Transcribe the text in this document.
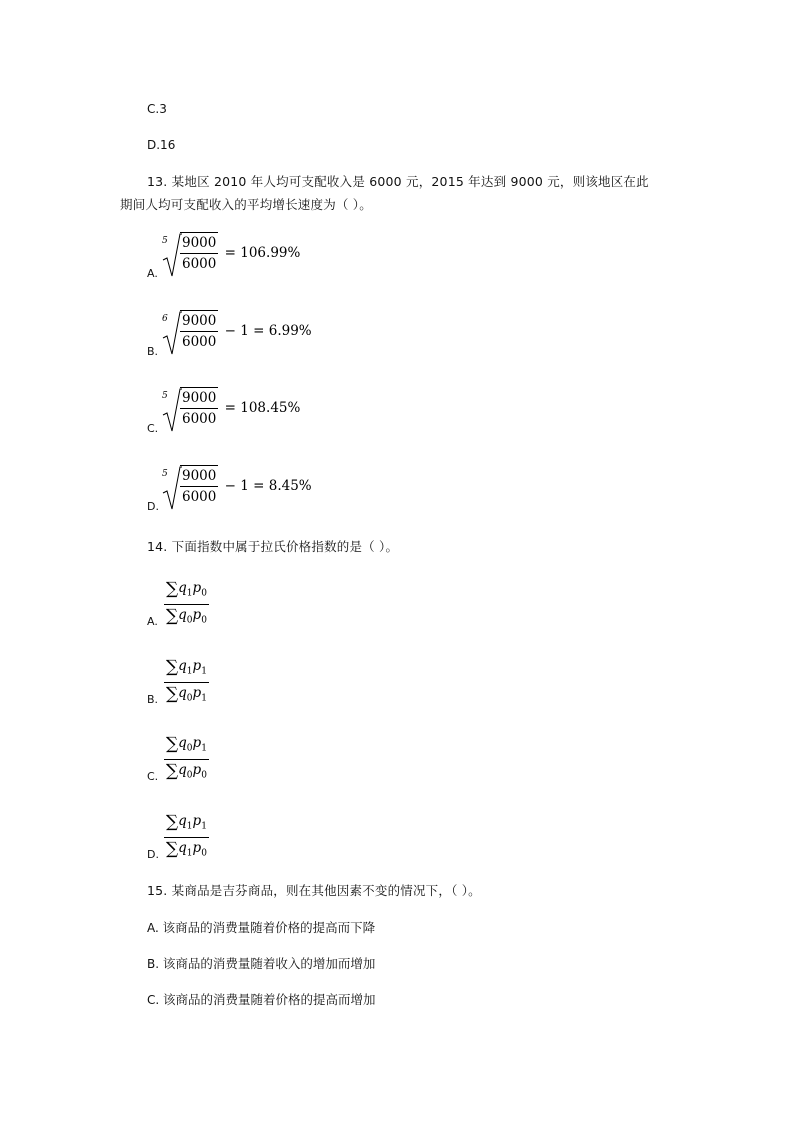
C.3
D.16
13. 某地区 2010 年人均可支配收入是 6000 元，2015 年达到 9000 元，则该地区在此
期间人均可支配收入的平均增长速度为（ ）。
A.
$5 \frac{9000}{6000} = 106.99\%$
B.
$6 \frac{9000}{6000} - 1 = 6.99\%$
C.
$5 \frac{9000}{6000} = 108.45\%$
D.
$5 \frac{9000}{6000} - 1 = 8.45\%$
14. 下面指数中属于拉氏价格指数的是（ ）。
A. $\frac{\sum q_1p_0}{\sum q_0p_0}$
B. $\frac{\sum q_1p_1}{\sum q_0p_1}$
C. $\frac{\sum q_0p_1}{\sum q_0p_0}$
D. $\frac{\sum q_1p_1}{\sum q_1p_0}$
15. 某商品是吉芬商品，则在其他因素不变的情况下，（ ）。
A. 该商品的消费量随着价格的提高而下降
B. 该商品的消费量随着收入的增加而增加
C. 该商品的消费量随着价格的提高而增加
